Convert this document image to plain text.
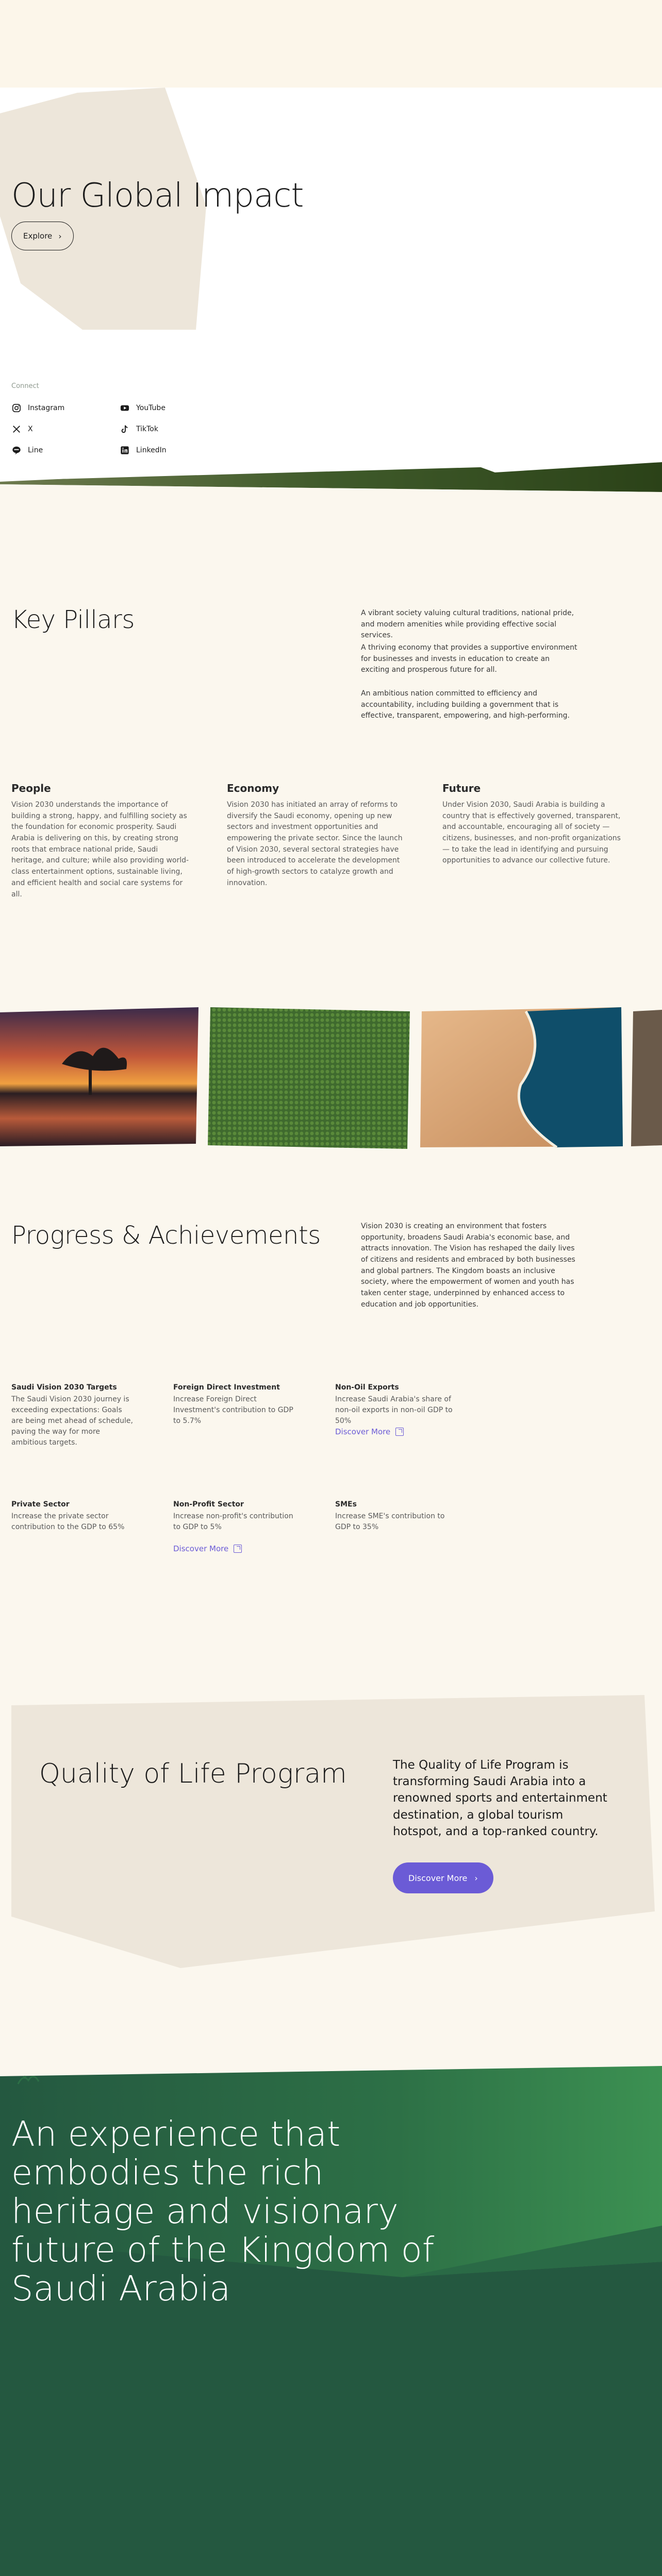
Our Global Impact
Explore ›
Connect
Instagram	YouTube
X	TikTok
Line	LinkedIn
Key Pillars	A vibrant society valuing cultural traditions, national pride, and modern amenities while providing effective social services.

A thriving economy that provides a supportive environment for businesses and invests in education to create an exciting and prosperous future for all.

An ambitious nation committed to efficiency and accountability, including building a government that is effective, transparent, empowering, and high-performing.

People

Vision 2030 understands the importance of building a strong, happy, and fulfilling society as the foundation for economic prosperity. Saudi Arabia is delivering on this, by creating strong roots that embrace national pride, Saudi heritage, and culture; while also providing world-class entertainment options, sustainable living, and efficient health and social care systems for all.

Economy

Vision 2030 has initiated an array of reforms to diversify the Saudi economy, opening up new sectors and investment opportunities and empowering the private sector. Since the launch of Vision 2030, several sectoral strategies have been introduced to accelerate the development of high-growth sectors to catalyze growth and innovation.

Future

Under Vision 2030, Saudi Arabia is building a country that is effectively governed, transparent, and accountable, encouraging all of society — citizens, businesses, and non-profit organizations — to take the lead in identifying and pursuing opportunities to advance our collective future.

Progress & Achievements	Vision 2030 is creating an environment that fosters opportunity, broadens Saudi Arabia's economic base, and attracts innovation. The Vision has reshaped the daily lives of citizens and residents and embraced by both businesses and global partners. The Kingdom boasts an inclusive society, where the empowerment of women and youth has taken center stage, underpinned by enhanced access to education and job opportunities.

Saudi Vision 2030 Targets

The Saudi Vision 2030 journey is exceeding expectations: Goals are being met ahead of schedule, paving the way for more ambitious targets.

Foreign Direct Investment

Increase Foreign Direct Investment's contribution to GDP to 5.7%

Non-Oil Exports

Increase Saudi Arabia's share of non-oil exports in non-oil GDP to 50%

Discover More
Private Sector

Increase the private sector contribution to the GDP to 65%

Non-Profit Sector

Increase non-profit's contribution to GDP to 5%

Discover More
SMEs

Increase SME's contribution to GDP to 35%

Quality of Life Program	The Quality of Life Program is transforming Saudi Arabia into a renowned sports and entertainment destination, a global tourism hotspot, and a top-ranked country.

Discover More ›
An experience that embodies the rich heritage and visionary future of the Kingdom of Saudi Arabia
